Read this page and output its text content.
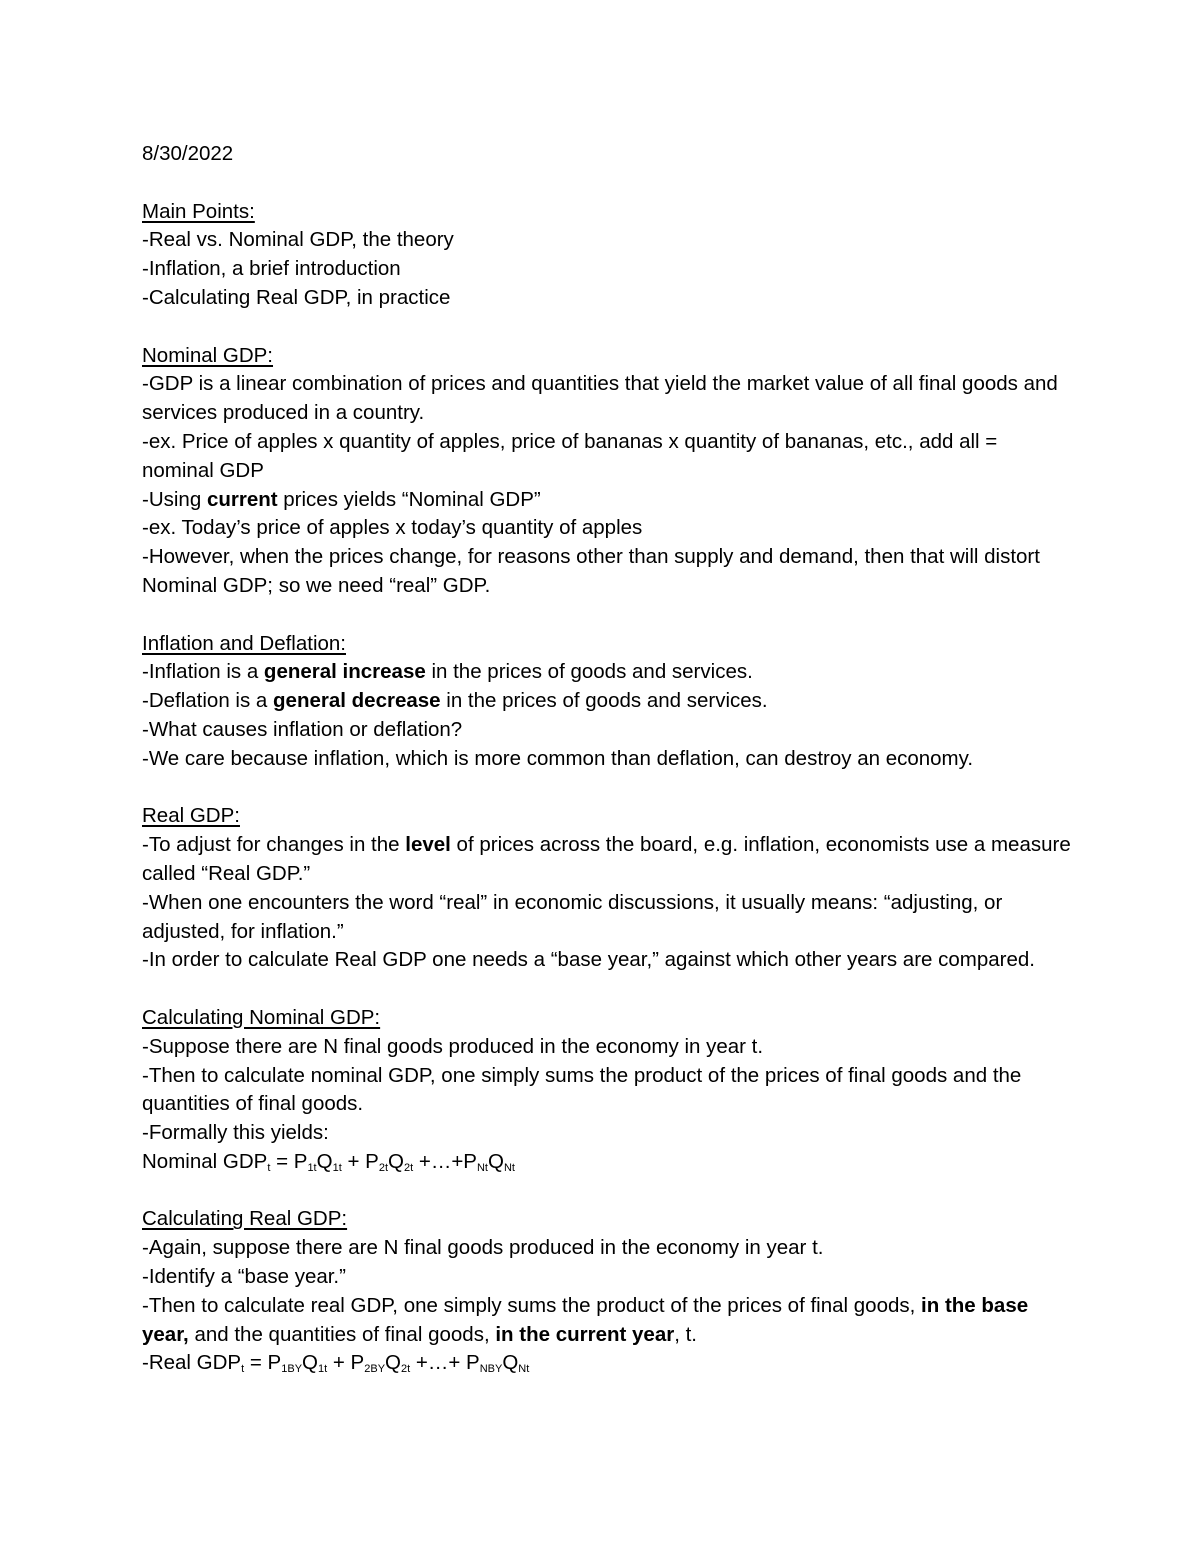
8/30/2022
Main Points:
-Real vs. Nominal GDP, the theory
-Inflation, a brief introduction
-Calculating Real GDP, in practice
Nominal GDP:
-GDP is a linear combination of prices and quantities that yield the market value of all final goods and services produced in a country.
-ex. Price of apples x quantity of apples, price of bananas x quantity of bananas, etc., add all = nominal GDP
-Using current prices yields “Nominal GDP”
-ex. Today’s price of apples x today’s quantity of apples
-However, when the prices change, for reasons other than supply and demand, then that will distort Nominal GDP; so we need “real” GDP.
Inflation and Deflation:
-Inflation is a general increase in the prices of goods and services.
-Deflation is a general decrease in the prices of goods and services.
-What causes inflation or deflation?
-We care because inflation, which is more common than deflation, can destroy an economy.
Real GDP:
-To adjust for changes in the level of prices across the board, e.g. inflation, economists use a measure called “Real GDP.”
-When one encounters the word “real” in economic discussions, it usually means: “adjusting, or adjusted, for inflation.”
-In order to calculate Real GDP one needs a “base year,” against which other years are compared.
Calculating Nominal GDP:
-Suppose there are N final goods produced in the economy in year t.
-Then to calculate nominal GDP, one simply sums the product of the prices of final goods and the quantities of final goods.
-Formally this yields:
Nominal $GDP_t = P_{1t}Q_{1t} + P_{2t}Q_{2t}$ $+\dots+P_{Nt}Q_{Nt}$
Calculating Real GDP:
-Again, suppose there are N final goods produced in the economy in year t.
-Identify a “base year.”
-Then to calculate real GDP, one simply sums the product of the prices of final goods, in the base year, and the quantities of final goods, in the current year, t.
-Real $GDP_t = P_{1BY}Q_{1t} + P_{2BY}Q_{2t}$ +…+ $P_{NBY}Q_{Nt}$
